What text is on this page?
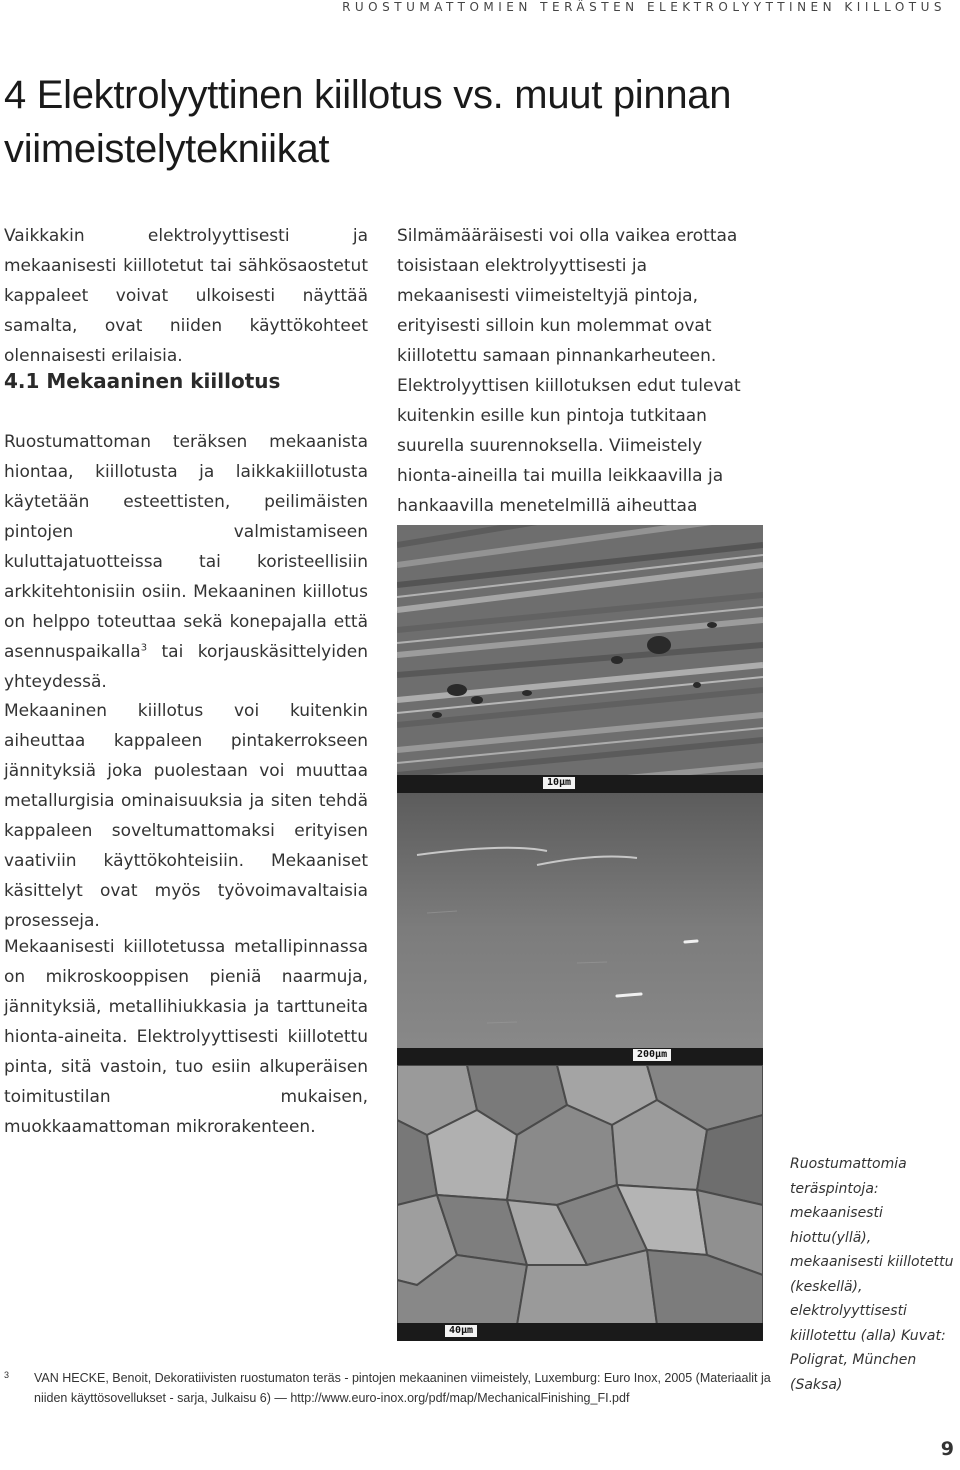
RUOSTUMATTOMIEN TERÄSTEN ELEKTROLYYTTINEN KIILLOTUS
4 Elektrolyyttinen kiillotus vs. muut pinnan viimeistelytekniikat

Vaikkakin elektrolyyttisesti ja mekaanisesti kiillotetut tai sähkösaostetut kappaleet voivat ulkoisesti näyttää samalta, ovat niiden käyttökohteet olennaisesti erilaisia.

4.1 Mekaaninen kiillotus

Ruostumattoman teräksen mekaanista hiontaa, kiillotusta ja laikkakiillotusta käytetään esteettisten, peilimäisten pintojen valmistamiseen kuluttajatuotteissa tai koristeellisiin arkkitehtonisiin osiin. Mekaaninen kiillotus on helppo toteuttaa sekä konepajalla että asennuspaikalla$^3$ tai korjauskäsittelyiden yhteydessä.

Mekaaninen kiillotus voi kuitenkin aiheuttaa kappaleen pintakerrokseen jännityksiä joka puolestaan voi muuttaa metallurgisia ominaisuuksia ja siten tehdä kappaleen soveltumattomaksi erityisen vaativiin käyttökohteisiin. Mekaaniset käsittelyt ovat myös työvoimavaltaisia prosesseja.

Mekaanisesti kiillotetussa metallipinnassa on mikroskooppisen pieniä naarmuja, jännityksiä, metallihiukkasia ja tarttuneita hionta-aineita. Elektrolyyttisesti kiillotettu pinta, sitä vastoin, tuo esiin alkuperäisen toimitustilan mukaisen, muokkaamattoman mikrorakenteen.

Silmämääräisesti voi olla vaikea erottaa toisistaan elektrolyyttisesti ja mekaanisesti viimeisteltyjä pintoja, erityisesti silloin kun molemmat ovat kiillotettu samaan pinnankarheuteen. Elektrolyyttisen kiillotuksen edut tulevat kuitenkin esille kun pintoja tutkitaan suurella suurennoksella. Viimeistely hionta-aineilla tai muilla leikkaavilla ja hankaavilla menetelmillä aiheuttaa

10μm
200μm
40μm

Ruostumattomia teräspintoja: mekaanisesti hiottu(yllä), mekaanisesti kiillotettu (keskellä), elektrolyyttisesti kiillotettu (alla) Kuvat: Poligrat, München (Saksa)

3	VAN HECKE, Benoit, Dekoratiivisten ruostumaton teräs - pintojen mekaaninen viimeistely, Luxemburg: Euro Inox, 2005 (Materiaalit ja niiden käyttösovellukset - sarja, Julkaisu 6) — http://www.euro-inox.org/pdf/map/MechanicalFinishing_FI.pdf
9
